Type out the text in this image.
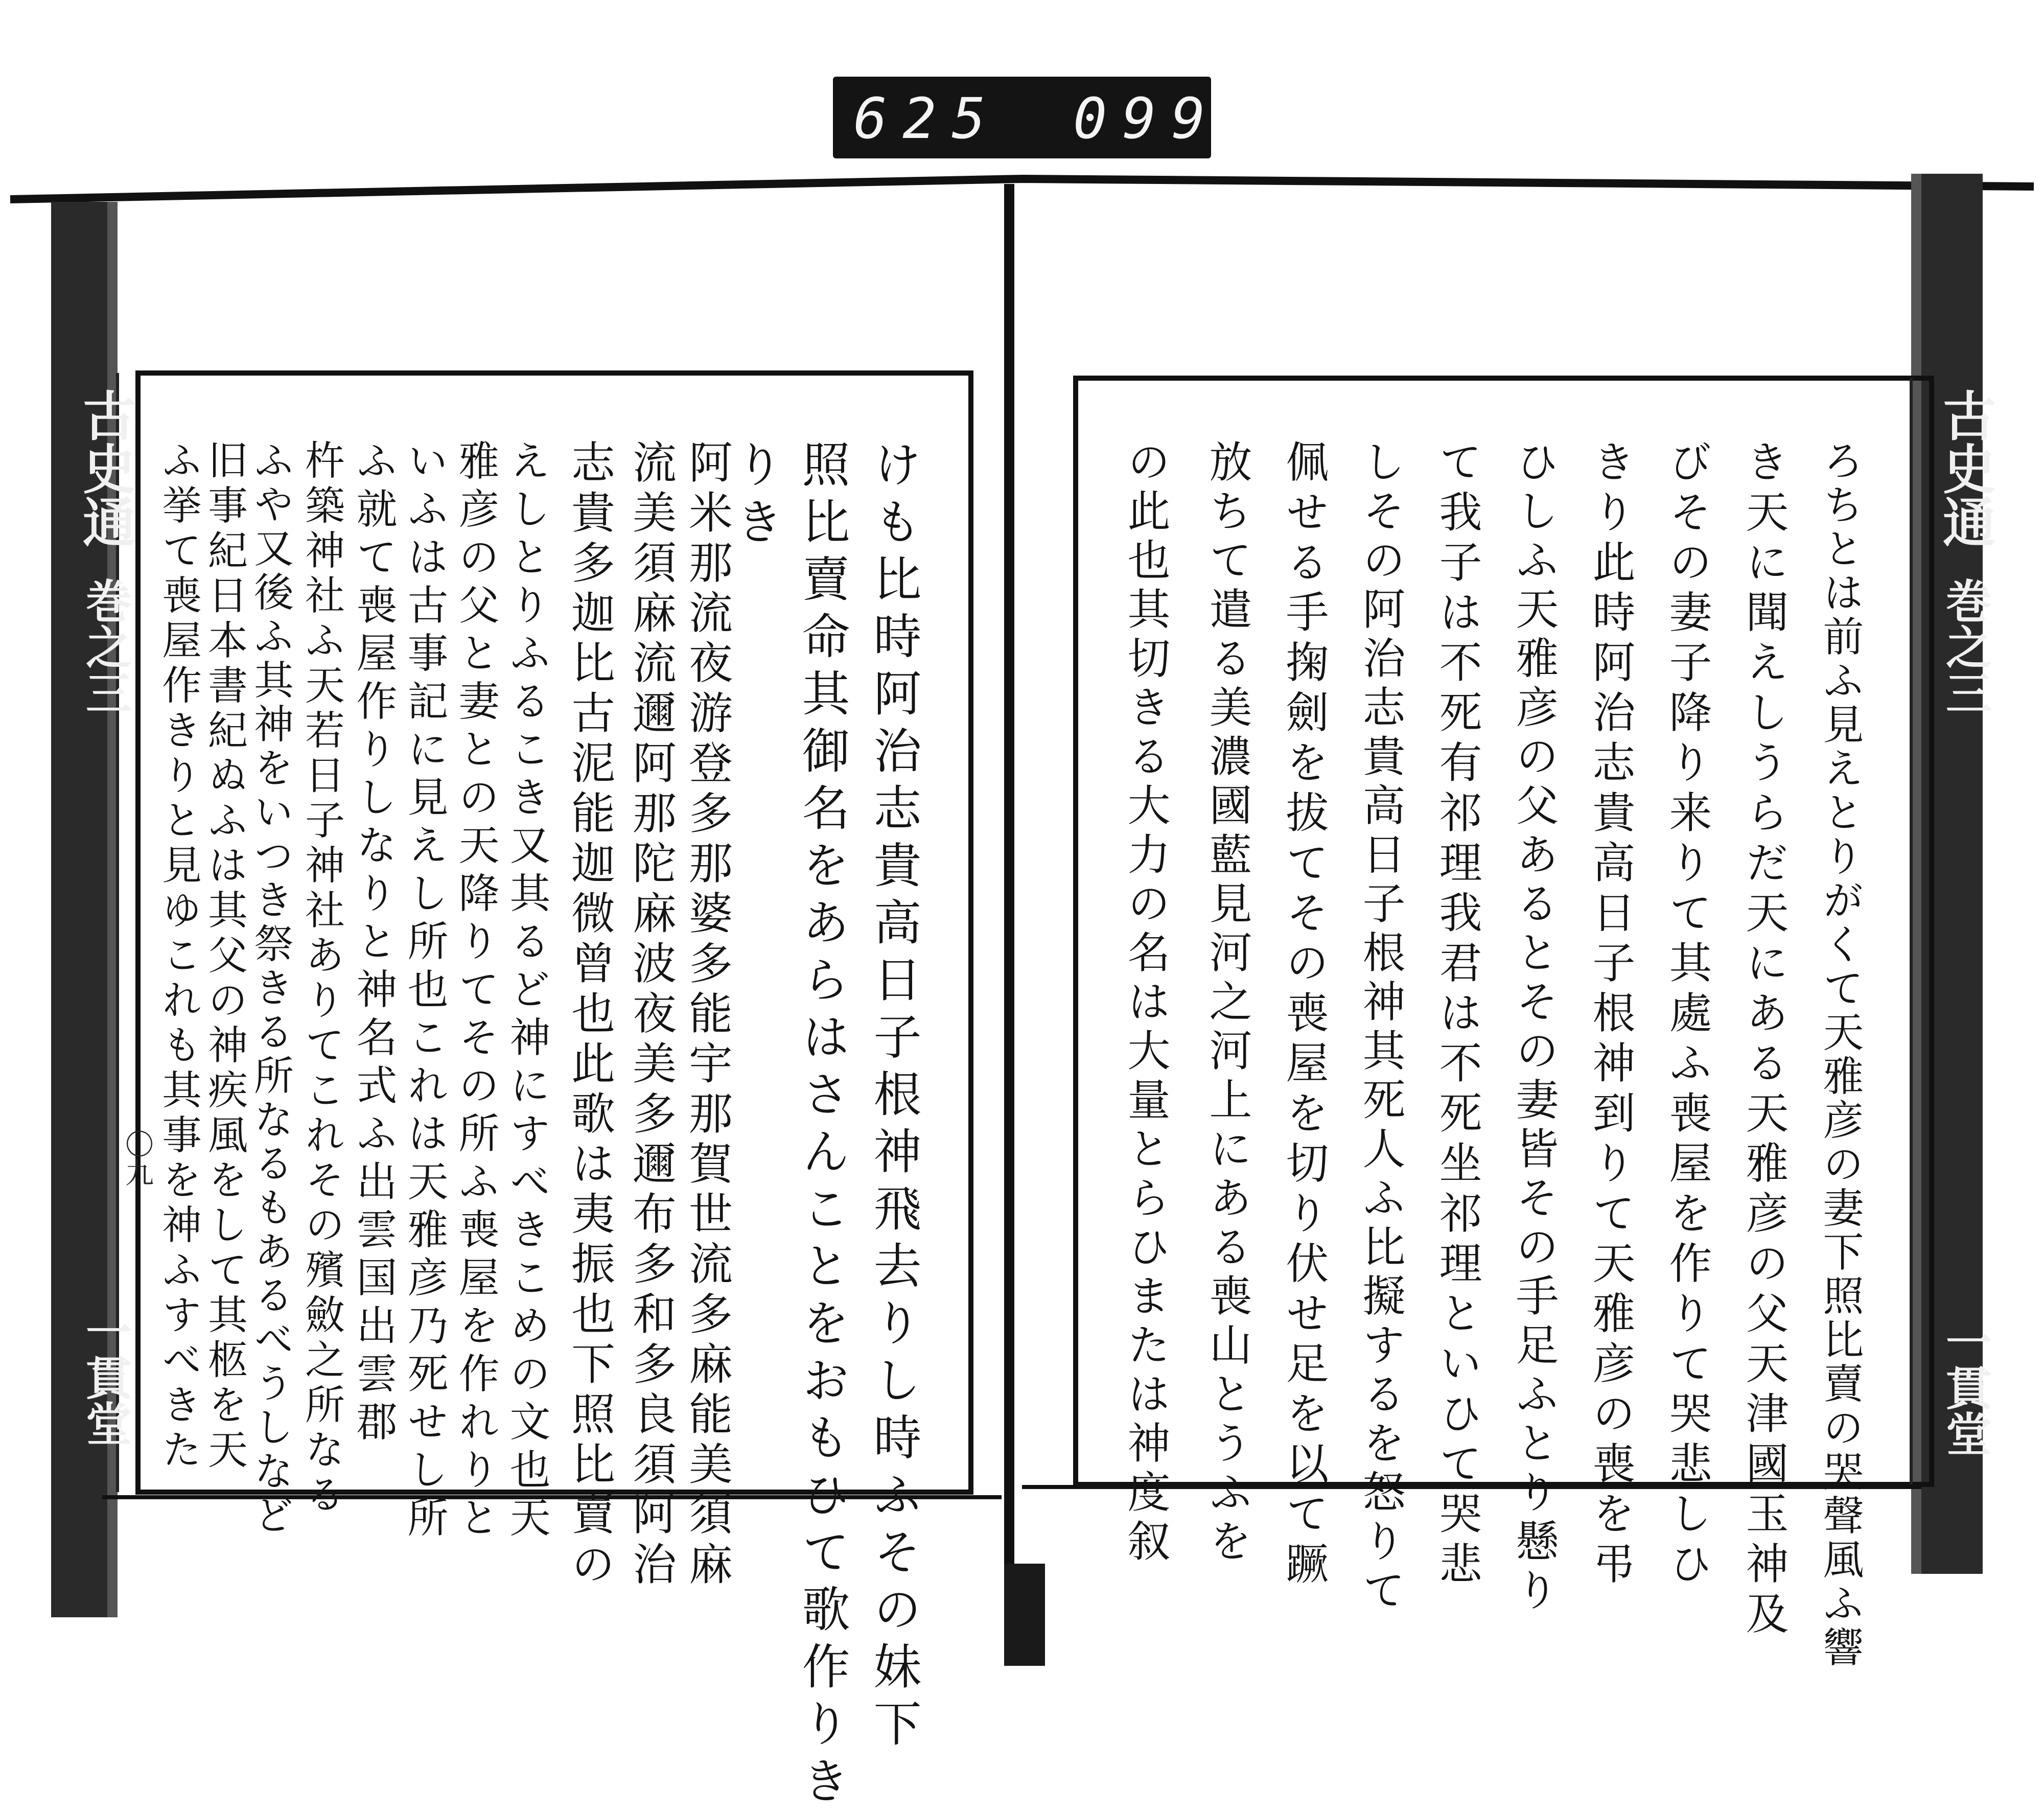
625 099
古史通
巻之三
〇九
一貫堂
古史通
巻之三
一貫堂
けも比時阿治志貴高日子根神飛去りし時ふその妹下
照比賣命其御名をあらはさんことをおもひて歌作りき
りき
阿米那流夜游登多那婆多能宇那賀世流多麻能美須麻
流美須麻流邇阿那陀麻波夜美多邇布多和多良須阿治
志貴多迦比古泥能迦微曾也此歌は夷振也下照比賣の
えしとりふるこき又其るど神にすべきこめの文也天
雅彦の父と妻との天降りてその所ふ喪屋を作れりと
いふは古事記に見えし所也これは天雅彦乃死せし所
ふ就て喪屋作りしなりと神名式ふ出雲国出雲郡
杵築神社ふ天若日子神社ありてこれその殯斂之所なる
ふや又後ふ其神をいつき祭きる所なるもあるべうしなど
旧事紀日本書紀ぬふは其父の神疾風をして其柩を天
ふ挙て喪屋作きりと見ゆこれも其事を神ふすべきた	ろちとは前ふ見えとりがくて天雅彦の妻下照比賣の哭聲風ふ響
き天に聞えしうらだ天にある天雅彦の父天津國玉神及
びその妻子降り来りて其處ふ喪屋を作りて哭悲しひ
きり此時阿治志貴高日子根神到りて天雅彦の喪を弔
ひしふ天雅彦の父あるとその妻皆その手足ふとり懸り
て我子は不死有祁理我君は不死坐祁理といひて哭悲
しその阿治志貴高日子根神其死人ふ比擬するを怒りて
佩せる手掬劍を拔てその喪屋を切り伏せ足を以て蹶
放ちて遣る美濃國藍見河之河上にある喪山とうふを
の此也其切きる大力の名は大量とらひまたは神度叙
